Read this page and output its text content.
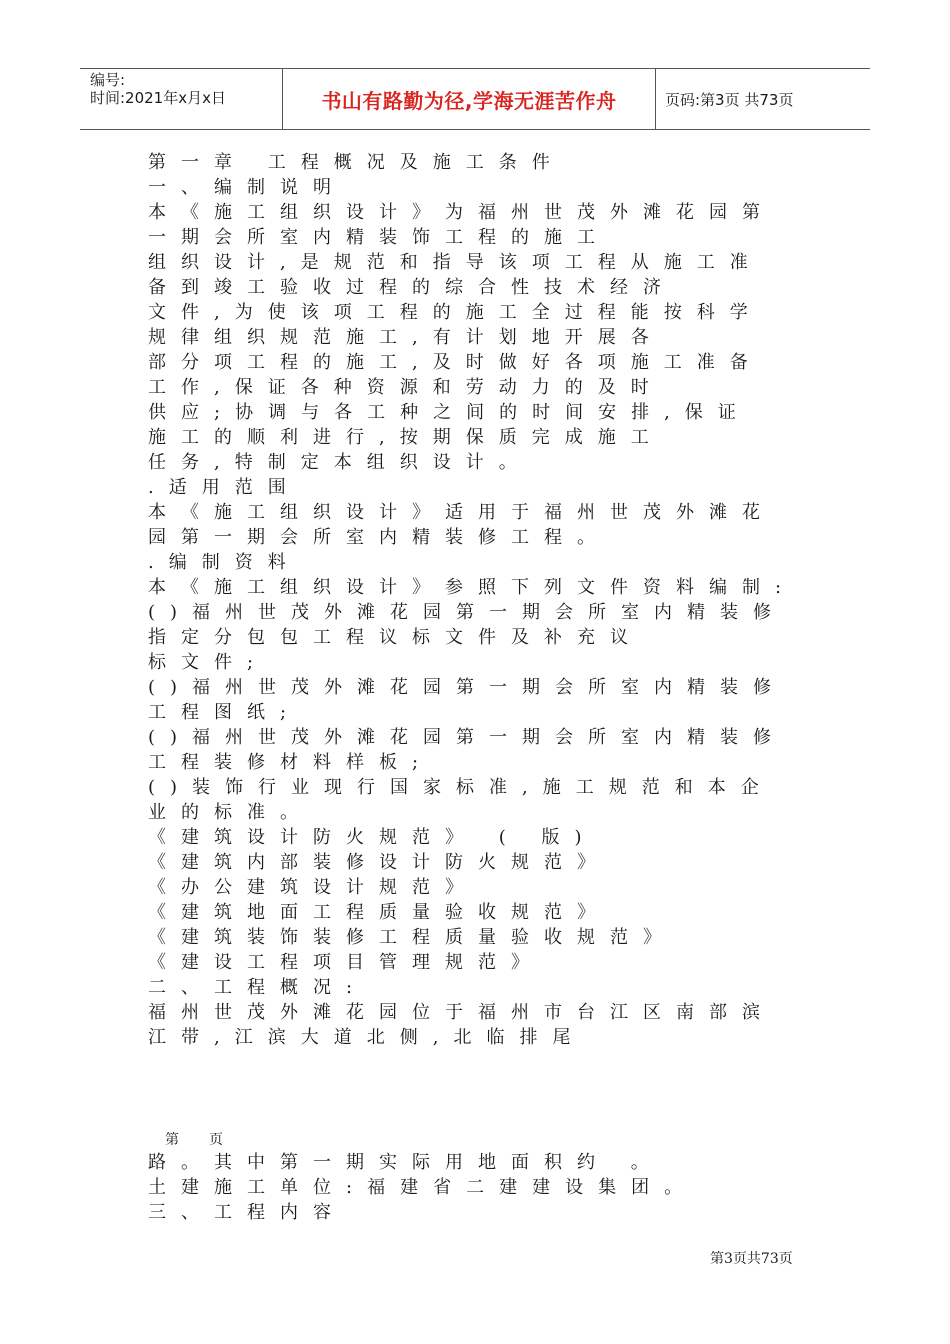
编号:
时间:2021年x月x日	书山有路勤为径,学海无涯苦作舟	页码:第3页 共73页
第一章 工程概况及施工条件
一、编制说明
本《施工组织设计》为福州世茂外滩花园第
一期会所室内精装饰工程的施工
组织设计,是规范和指导该项工程从施工准
备到竣工验收过程的综合性技术经济
文件,为使该项工程的施工全过程能按科学
规律组织规范施工,有计划地开展各
部分项工程的施工,及时做好各项施工准备
工作,保证各种资源和劳动力的及时
供应;协调与各工种之间的时间安排,保证
施工的顺利进行,按期保质完成施工
任务,特制定本组织设计。
.适用范围
本《施工组织设计》适用于福州世茂外滩花
园第一期会所室内精装修工程。
.编制资料
本《施工组织设计》参照下列文件资料编制:
()福州世茂外滩花园第一期会所室内精装修
指定分包包工程议标文件及补充议
标文件;
()福州世茂外滩花园第一期会所室内精装修
工程图纸;
()福州世茂外滩花园第一期会所室内精装修
工程装修材料样板;
()装饰行业现行国家标准,施工规范和本企
业的标准。
《建筑设计防火规范》 ( 版)
《建筑内部装修设计防火规范》
《办公建筑设计规范》
《建筑地面工程质量验收规范》
《建筑装饰装修工程质量验收规范》
《建设工程项目管理规范》
二、工程概况:
福州世茂外滩花园位于福州市台江区南部滨
江带,江滨大道北侧,北临排尾
第页
路。其中第一期实际用地面积约 。
土建施工单位:福建省二建建设集团。
三、工程内容
第3页共73页
